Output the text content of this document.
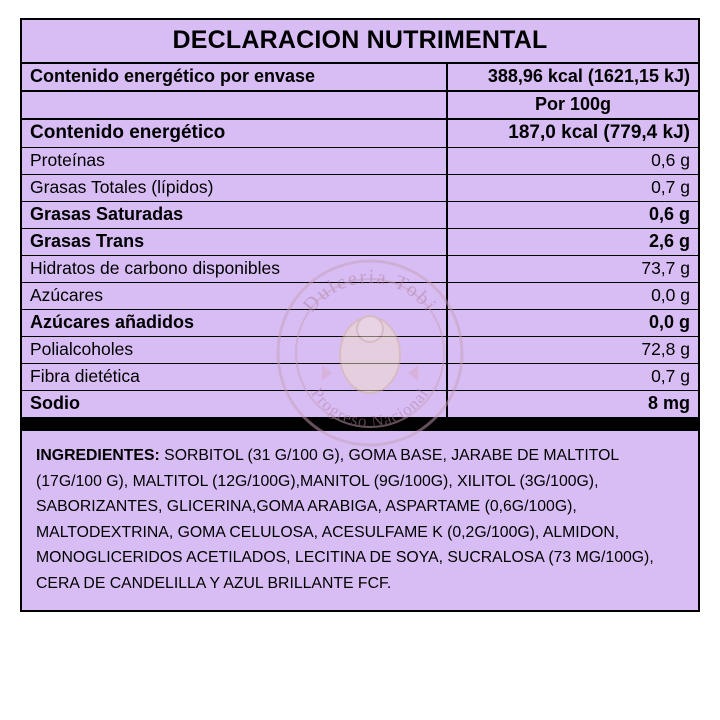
DECLARACION NUTRIMENTAL
Contenido energético por envase	388,96 kcal (1621,15 kJ)
	Por 100g
Contenido energético	187,0 kcal (779,4 kJ)
Proteínas	0,6 g
Grasas Totales (lípidos)	0,7 g
Grasas Saturadas	0,6 g
Grasas Trans	2,6 g
Hidratos de carbono disponibles	73,7 g
Azúcares	0,0 g
Azúcares añadidos	0,0 g
Polialcoholes	72,8 g
Fibra dietética	0,7 g
Sodio	8 mg
INGREDIENTES: SORBITOL (31 G/100 G), GOMA BASE, JARABE DE MALTITOL (17G/100 G), MALTITOL (12G/100G),MANITOL (9G/100G), XILITOL (3G/100G), SABORIZANTES, GLICERINA,GOMA ARABIGA, ASPARTAME (0,6G/100G), MALTODEXTRINA, GOMA CELULOSA, ACESULFAME K (0,2G/100G), ALMIDON, MONOGLICERIDOS ACETILADOS, LECITINA DE SOYA, SUCRALOSA (73 MG/100G), CERA DE CANDELILLA Y AZUL BRILLANTE FCF.
Dulceria Tobi
Progreso Nacional
